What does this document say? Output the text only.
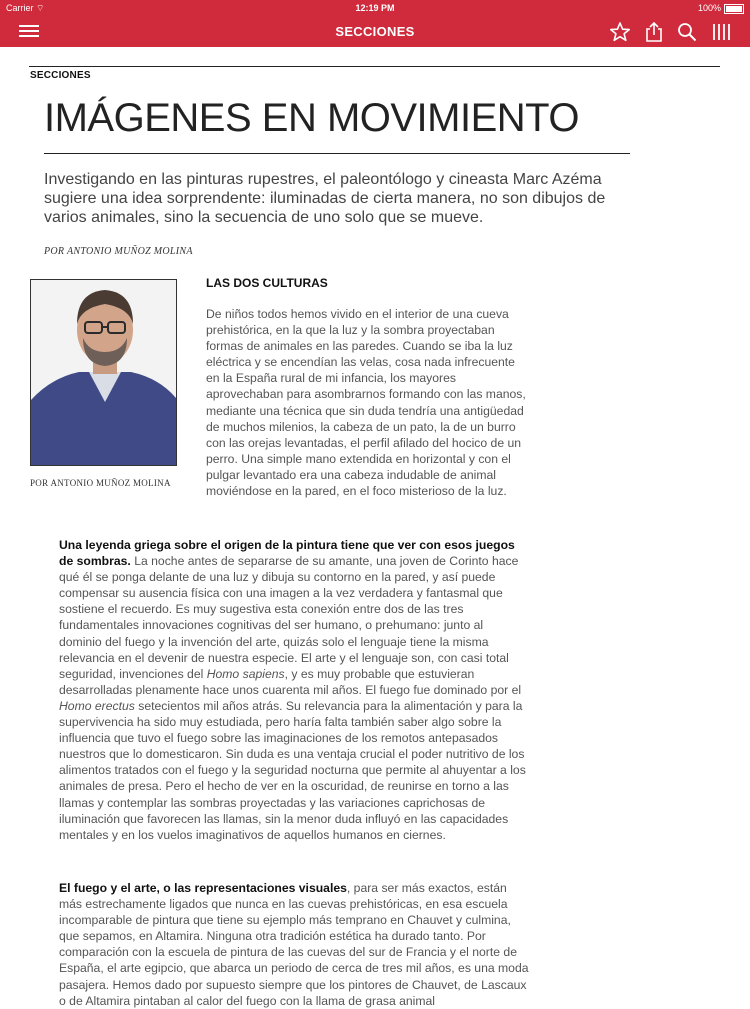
Carrier ⌔	12:19 PM	100%
SECCIONES
SECCIONES
IMÁGENES EN MOVIMIENTO
Investigando en las pinturas rupestres, el paleontólogo y cineasta Marc Azéma sugiere una idea sorprendente: iluminadas de cierta manera, no son dibujos de varios animales, sino la secuencia de uno solo que se mueve.
POR ANTONIO MUÑOZ MOLINA
POR ANTONIO MUÑOZ MOLINA
LAS DOS CULTURAS
De niños todos hemos vivido en el interior de una cueva prehistórica, en la que la luz y la sombra proyectaban formas de animales en las paredes. Cuando se iba la luz eléctrica y se encendían las velas, cosa nada infrecuente en la España rural de mi infancia, los mayores aprovechaban para asombrarnos formando con las manos, mediante una técnica que sin duda tendría una antigüedad de muchos milenios, la cabeza de un pato, la de un burro con las orejas levantadas, el perfil afilado del hocico de un perro. Una simple mano extendida en horizontal y con el pulgar levantado era una cabeza indudable de animal moviéndose en la pared, en el foco misterioso de la luz.
Una leyenda griega sobre el origen de la pintura tiene que ver con esos juegos de sombras. La noche antes de separarse de su amante, una joven de Corinto hace qué él se ponga delante de una luz y dibuja su contorno en la pared, y así puede compensar su ausencia física con una imagen a la vez verdadera y fantasmal que sostiene el recuerdo. Es muy sugestiva esta conexión entre dos de las tres fundamentales innovaciones cognitivas del ser humano, o prehumano: junto al dominio del fuego y la invención del arte, quizás solo el lenguaje tiene la misma relevancia en el devenir de nuestra especie. El arte y el lenguaje son, con casi total seguridad, invenciones del Homo sapiens, y es muy probable que estuvieran desarrolladas plenamente hace unos cuarenta mil años. El fuego fue dominado por el Homo erectus setecientos mil años atrás. Su relevancia para la alimentación y para la supervivencia ha sido muy estudiada, pero haría falta también saber algo sobre la influencia que tuvo el fuego sobre las imaginaciones de los remotos antepasados nuestros que lo domesticaron. Sin duda es una ventaja crucial el poder nutritivo de los alimentos tratados con el fuego y la seguridad nocturna que permite al ahuyentar a los animales de presa. Pero el hecho de ver en la oscuridad, de reunirse en torno a las llamas y contemplar las sombras proyectadas y las variaciones caprichosas de iluminación que favorecen las llamas, sin la menor duda influyó en las capacidades mentales y en los vuelos imaginativos de aquellos humanos en ciernes.
El fuego y el arte, o las representaciones visuales, para ser más exactos, están más estrechamente ligados que nunca en las cuevas prehistóricas, en esa escuela incomparable de pintura que tiene su ejemplo más temprano en Chauvet y culmina, que sepamos, en Altamira. Ninguna otra tradición estética ha durado tanto. Por comparación con la escuela de pintura de las cuevas del sur de Francia y el norte de España, el arte egipcio, que abarca un periodo de cerca de tres mil años, es una moda pasajera. Hemos dado por supuesto siempre que los pintores de Chauvet, de Lascaux o de Altamira pintaban al calor del fuego con la llama de grasa animal
